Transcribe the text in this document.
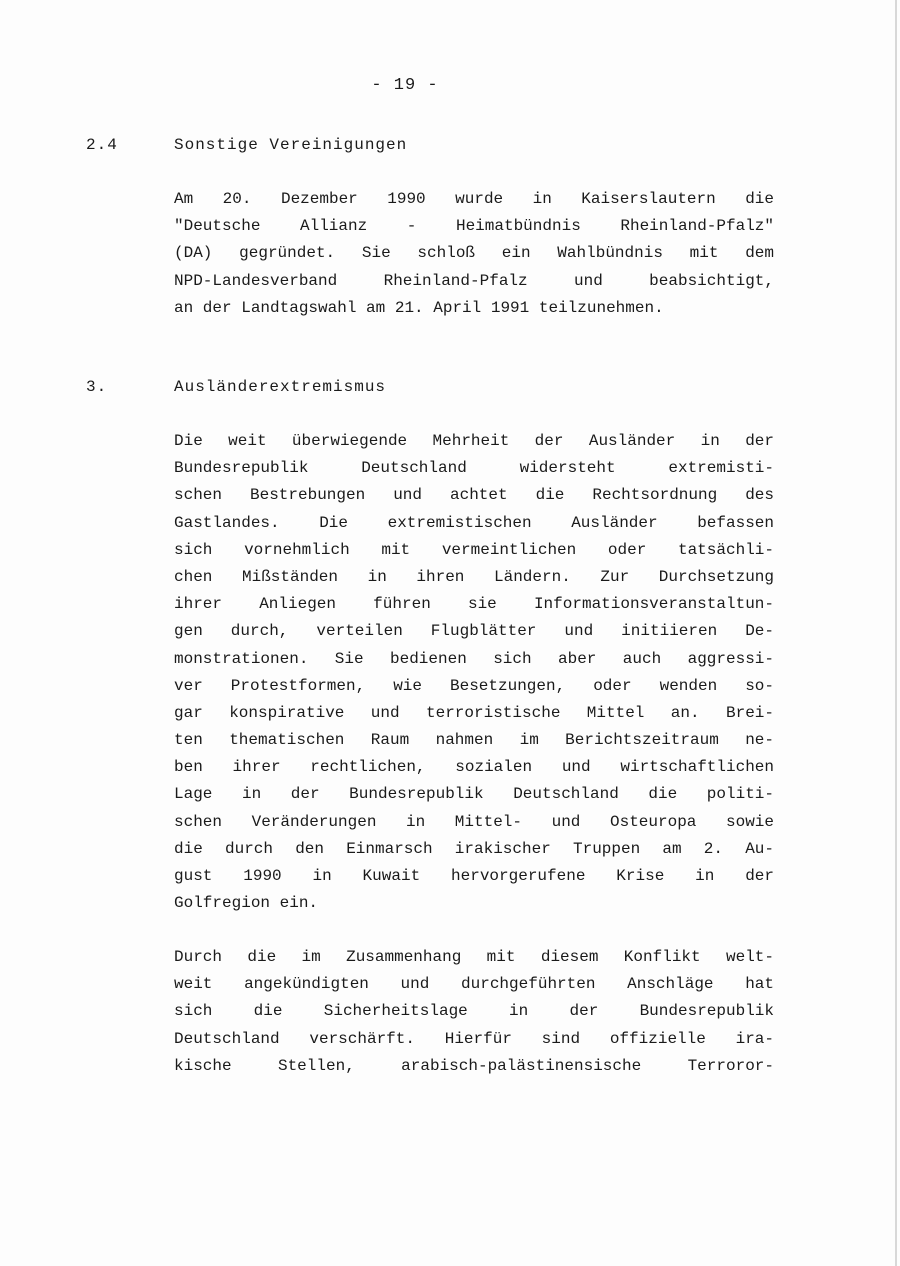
- 19 -
2.4	Sonstige Vereinigungen
Am 20. Dezember 1990 wurde in Kaiserslautern die
"Deutsche Allianz - Heimatbündnis Rheinland-Pfalz"
(DA) gegründet. Sie schloß ein Wahlbündnis mit dem
NPD-Landesverband Rheinland-Pfalz und beabsichtigt,
an der Landtagswahl am 21. April 1991 teilzunehmen.
3.	Ausländerextremismus
Die weit überwiegende Mehrheit der Ausländer in der
Bundesrepublik Deutschland widersteht extremisti-
schen Bestrebungen und achtet die Rechtsordnung des
Gastlandes. Die extremistischen Ausländer befassen
sich vornehmlich mit vermeintlichen oder tatsächli-
chen Mißständen in ihren Ländern. Zur Durchsetzung
ihrer Anliegen führen sie Informationsveranstaltun-
gen durch, verteilen Flugblätter und initiieren De-
monstrationen. Sie bedienen sich aber auch aggressi-
ver Protestformen, wie Besetzungen, oder wenden so-
gar konspirative und terroristische Mittel an. Brei-
ten thematischen Raum nahmen im Berichtszeitraum ne-
ben ihrer rechtlichen, sozialen und wirtschaftlichen
Lage in der Bundesrepublik Deutschland die politi-
schen Veränderungen in Mittel- und Osteuropa sowie
die durch den Einmarsch irakischer Truppen am 2. Au-
gust 1990 in Kuwait hervorgerufene Krise in der
Golfregion ein.
Durch die im Zusammenhang mit diesem Konflikt welt-
weit angekündigten und durchgeführten Anschläge hat
sich die Sicherheitslage in der Bundesrepublik
Deutschland verschärft. Hierfür sind offizielle ira-
kische Stellen, arabisch-palästinensische Terroror-
